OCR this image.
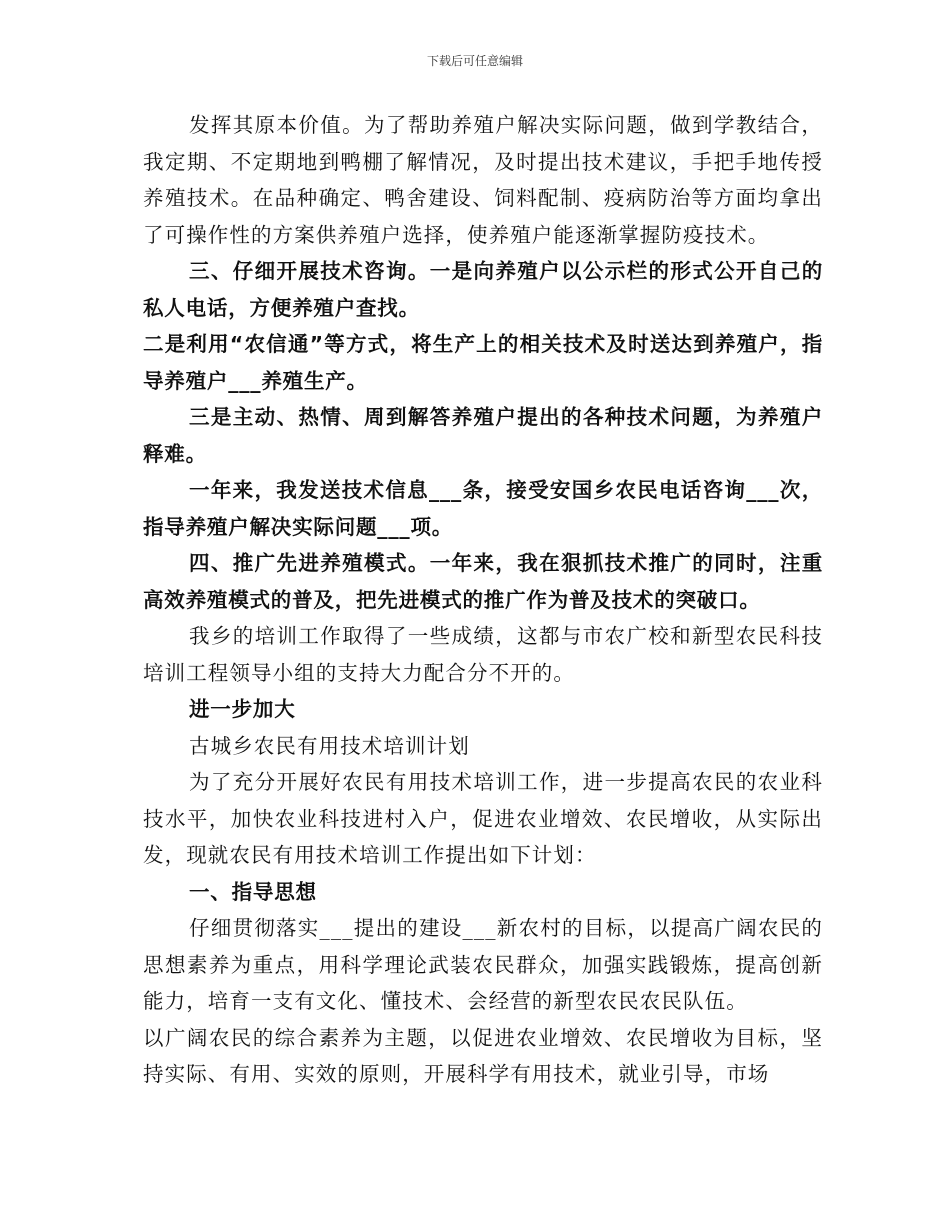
下载后可任意编辑

发挥其原本价值。为了帮助养殖户解决实际问题，做到学教结合，我定期、不定期地到鸭棚了解情况，及时提出技术建议，手把手地传授养殖技术。在品种确定、鸭舍建设、饲料配制、疫病防治等方面均拿出了可操作性的方案供养殖户选择，使养殖户能逐渐掌握防疫技术。

三、仔细开展技术咨询。一是向养殖户以公示栏的形式公开自己的私人电话，方便养殖户查找。

二是利用“农信通”等方式，将生产上的相关技术及时送达到养殖户，指导养殖户___养殖生产。

三是主动、热情、周到解答养殖户提出的各种技术问题，为养殖户释难。

一年来，我发送技术信息___条，接受安国乡农民电话咨询___次，指导养殖户解决实际问题___项。

四、推广先进养殖模式。一年来，我在狠抓技术推广的同时，注重高效养殖模式的普及，把先进模式的推广作为普及技术的突破口。

我乡的培训工作取得了一些成绩，这都与市农广校和新型农民科技培训工程领导小组的支持大力配合分不开的。

进一步加大

古城乡农民有用技术培训计划

为了充分开展好农民有用技术培训工作，进一步提高农民的农业科技水平，加快农业科技进村入户，促进农业增效、农民增收，从实际出发，现就农民有用技术培训工作提出如下计划：

一、指导思想

仔细贯彻落实___提出的建设___新农村的目标，以提高广阔农民的思想素养为重点，用科学理论武装农民群众，加强实践锻炼，提高创新能力，培育一支有文化、懂技术、会经营的新型农民农民队伍。

以广阔农民的综合素养为主题，以促进农业增效、农民增收为目标，坚持实际、有用、实效的原则，开展科学有用技术，就业引导，市场
